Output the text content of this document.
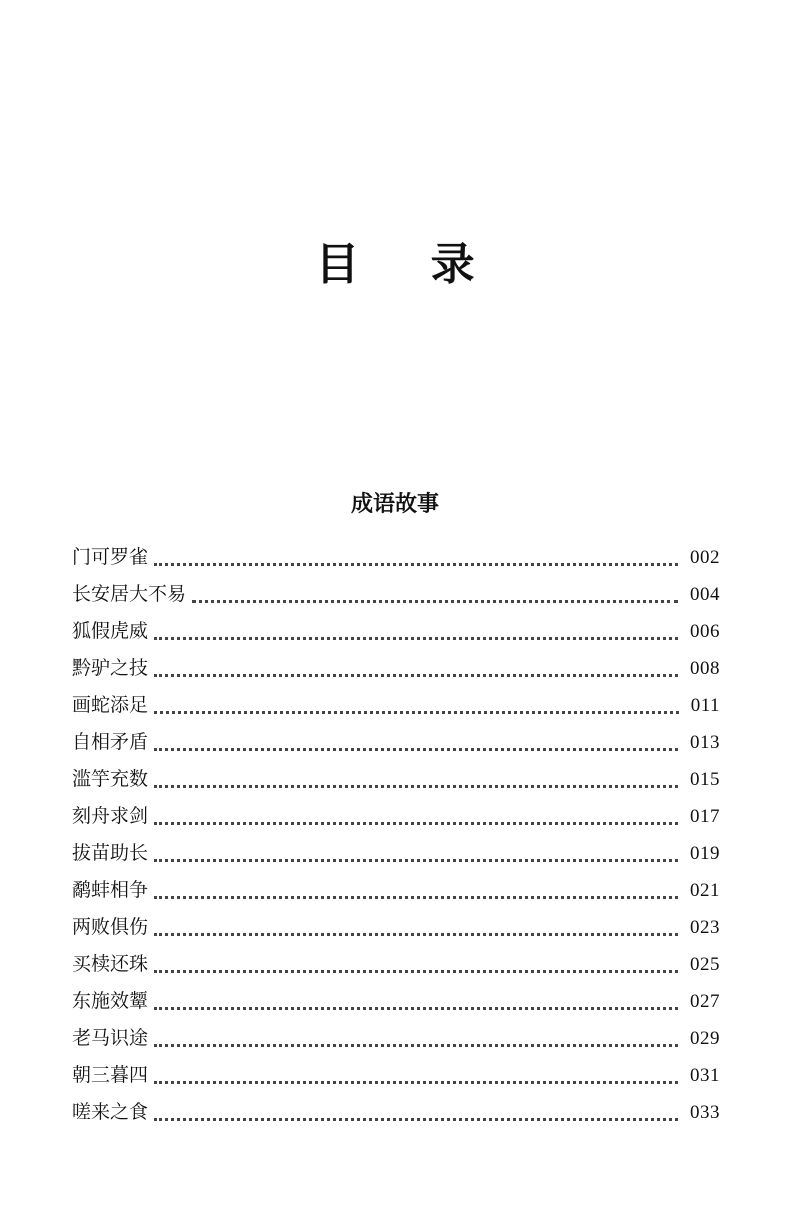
目 录
成语故事
门可罗雀	002
长安居大不易	004
狐假虎威	006
黔驴之技	008
画蛇添足	011
自相矛盾	013
滥竽充数	015
刻舟求剑	017
拔苗助长	019
鹬蚌相争	021
两败俱伤	023
买椟还珠	025
东施效颦	027
老马识途	029
朝三暮四	031
嗟来之食	033
